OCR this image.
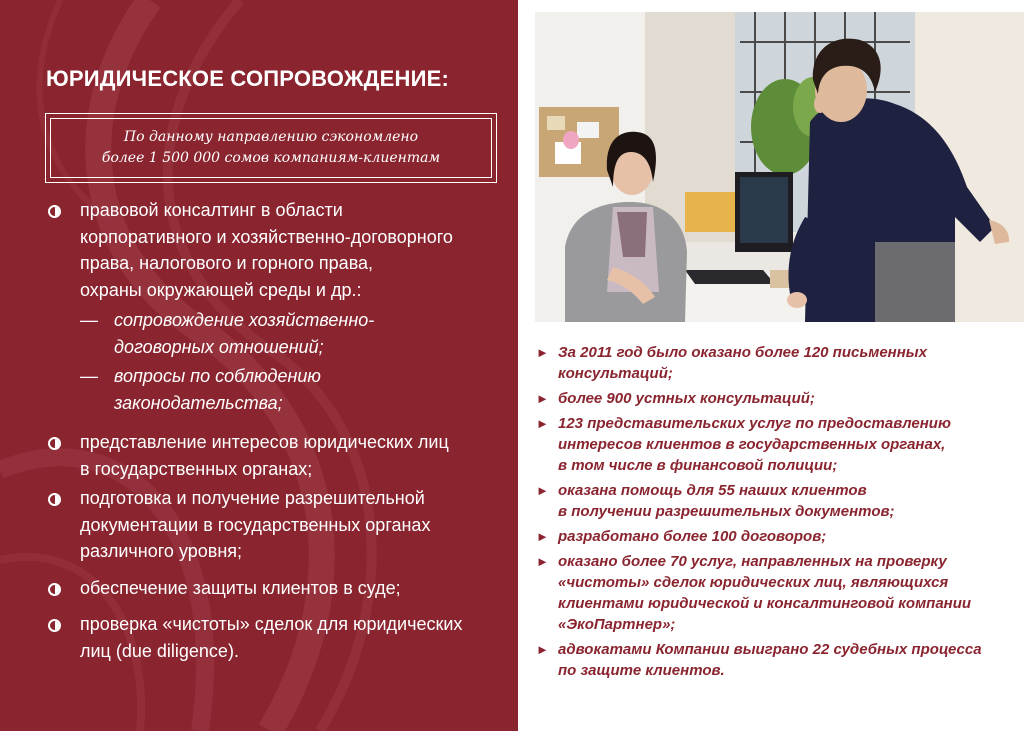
ЮРИДИЧЕСКОЕ СОПРОВОЖДЕНИЕ:

По данному направлению сэкономлено
более 1 500 000 сомов компаниям-клиентам

правовой консалтинг в области
корпоративного и хозяйственно-договорного
права, налогового и горного права,
охраны окружающей среды и др.:
— сопровождение хозяйственно-
договорных отношений;
— вопросы по соблюдению
законодательства;
представление интересов юридических лиц
в государственных органах;
подготовка и получение разрешительной
документации в государственных органах
различного уровня;
обеспечение защиты клиентов в суде;
проверка «чистоты» сделок для юридических
лиц (due diligence).
► За 2011 год было оказано более 120 письменных
консультаций;
► более 900 устных консультаций;
► 123 представительских услуг по предоставлению
интересов клиентов в государственных органах,
в том числе в финансовой полиции;
► оказана помощь для 55 наших клиентов
в получении разрешительных документов;
► разработано более 100 договоров;
► оказано более 70 услуг, направленных на проверку
«чистоты» сделок юридических лиц, являющихся
клиентами юридической и консалтинговой компании
«ЭкоПартнер»;
► адвокатами Компании выиграно 22 судебных процесса
по защите клиентов.
